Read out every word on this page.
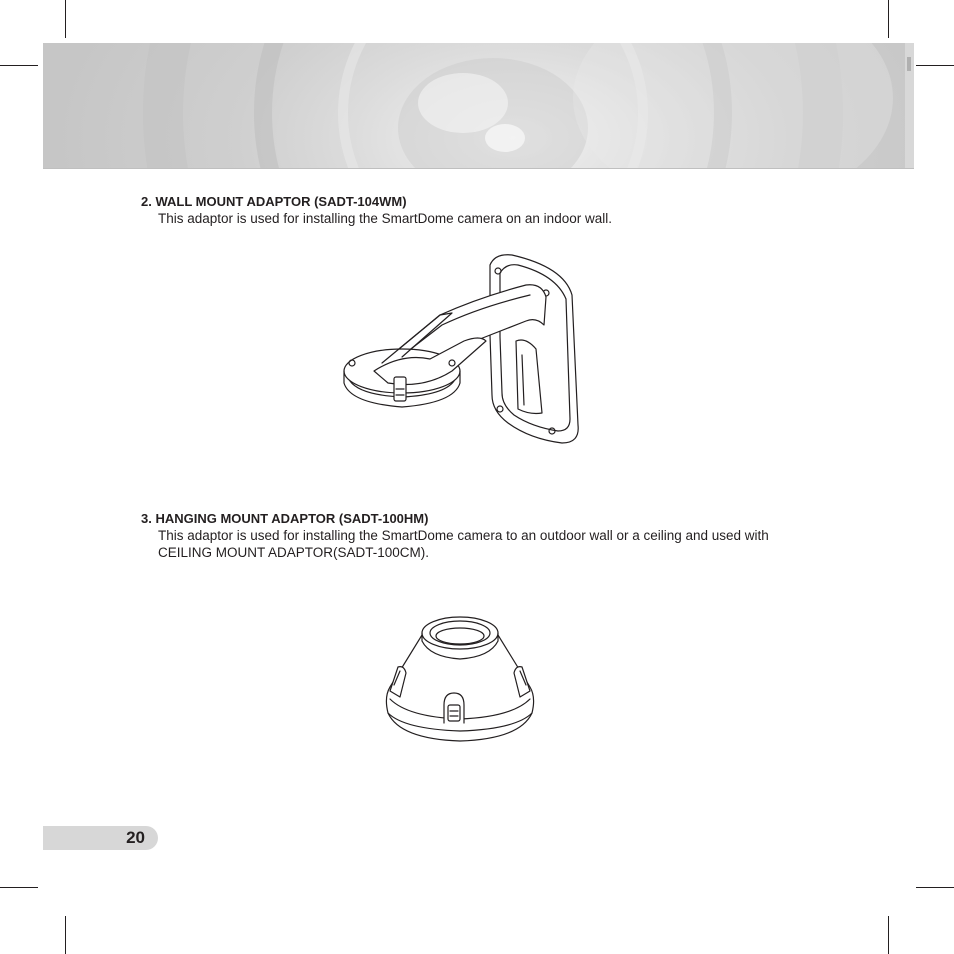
2. WALL MOUNT ADAPTOR (SADT-104WM)
This adaptor is used for installing the SmartDome camera on an indoor wall.
3. HANGING MOUNT ADAPTOR (SADT-100HM)
This adaptor is used for installing the SmartDome camera to an outdoor wall or a ceiling and used with CEILING MOUNT ADAPTOR(SADT-100CM).
20
